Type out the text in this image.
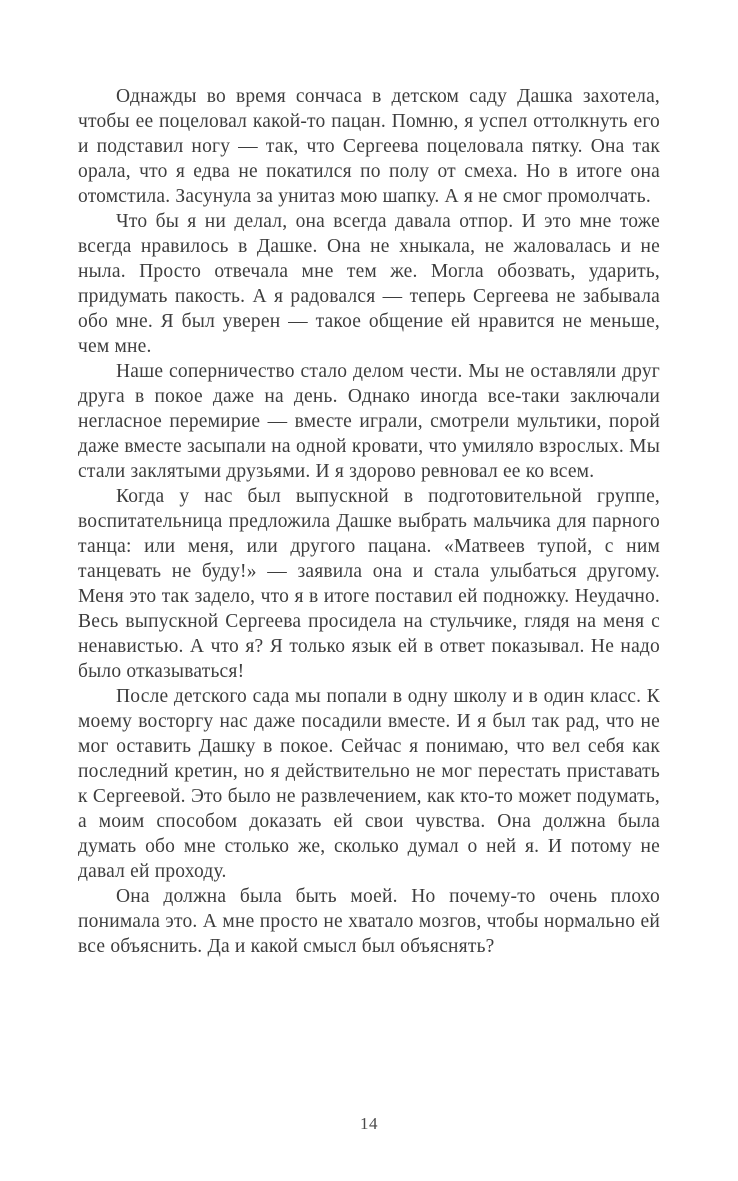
Однажды во время сончаса в детском саду Дашка захотела, чтобы ее поцеловал какой-то пацан. Помню, я успел оттолкнуть его и подставил ногу — так, что Сергеева поцеловала пятку. Она так орала, что я едва не покатился по полу от смеха. Но в итоге она отомстила. Засунула за унитаз мою шапку. А я не смог промолчать.

Что бы я ни делал, она всегда давала отпор. И это мне тоже всегда нравилось в Дашке. Она не хныкала, не жаловалась и не ныла. Просто отвечала мне тем же. Могла обозвать, ударить, придумать пакость. А я радовался — теперь Сергеева не забывала обо мне. Я был уверен — такое общение ей нравится не меньше, чем мне.

Наше соперничество стало делом чести. Мы не оставляли друг друга в покое даже на день. Однако иногда все-таки заключали негласное перемирие — вместе играли, смотрели мультики, порой даже вместе засыпали на одной кровати, что умиляло взрослых. Мы стали заклятыми друзьями. И я здорово ревновал ее ко всем.

Когда у нас был выпускной в подготовительной группе, воспитательница предложила Дашке выбрать мальчика для парного танца: или меня, или другого пацана. «Матвеев тупой, с ним танцевать не буду!» — заявила она и стала улыбаться другому. Меня это так задело, что я в итоге поставил ей подножку. Неудачно. Весь выпускной Сергеева просидела на стульчике, глядя на меня с ненавистью. А что я? Я только язык ей в ответ показывал. Не надо было отказываться!

После детского сада мы попали в одну школу и в один класс. К моему восторгу нас даже посадили вместе. И я был так рад, что не мог оставить Дашку в покое. Сейчас я понимаю, что вел себя как последний кретин, но я действительно не мог перестать приставать к Сергеевой. Это было не развлечением, как кто-то может подумать, а моим способом доказать ей свои чувства. Она должна была думать обо мне столько же, сколько думал о ней я. И потому не давал ей проходу.

Она должна была быть моей. Но почему-то очень плохо понимала это. А мне просто не хватало мозгов, чтобы нормально ей все объяснить. Да и какой смысл был объяснять?

14
